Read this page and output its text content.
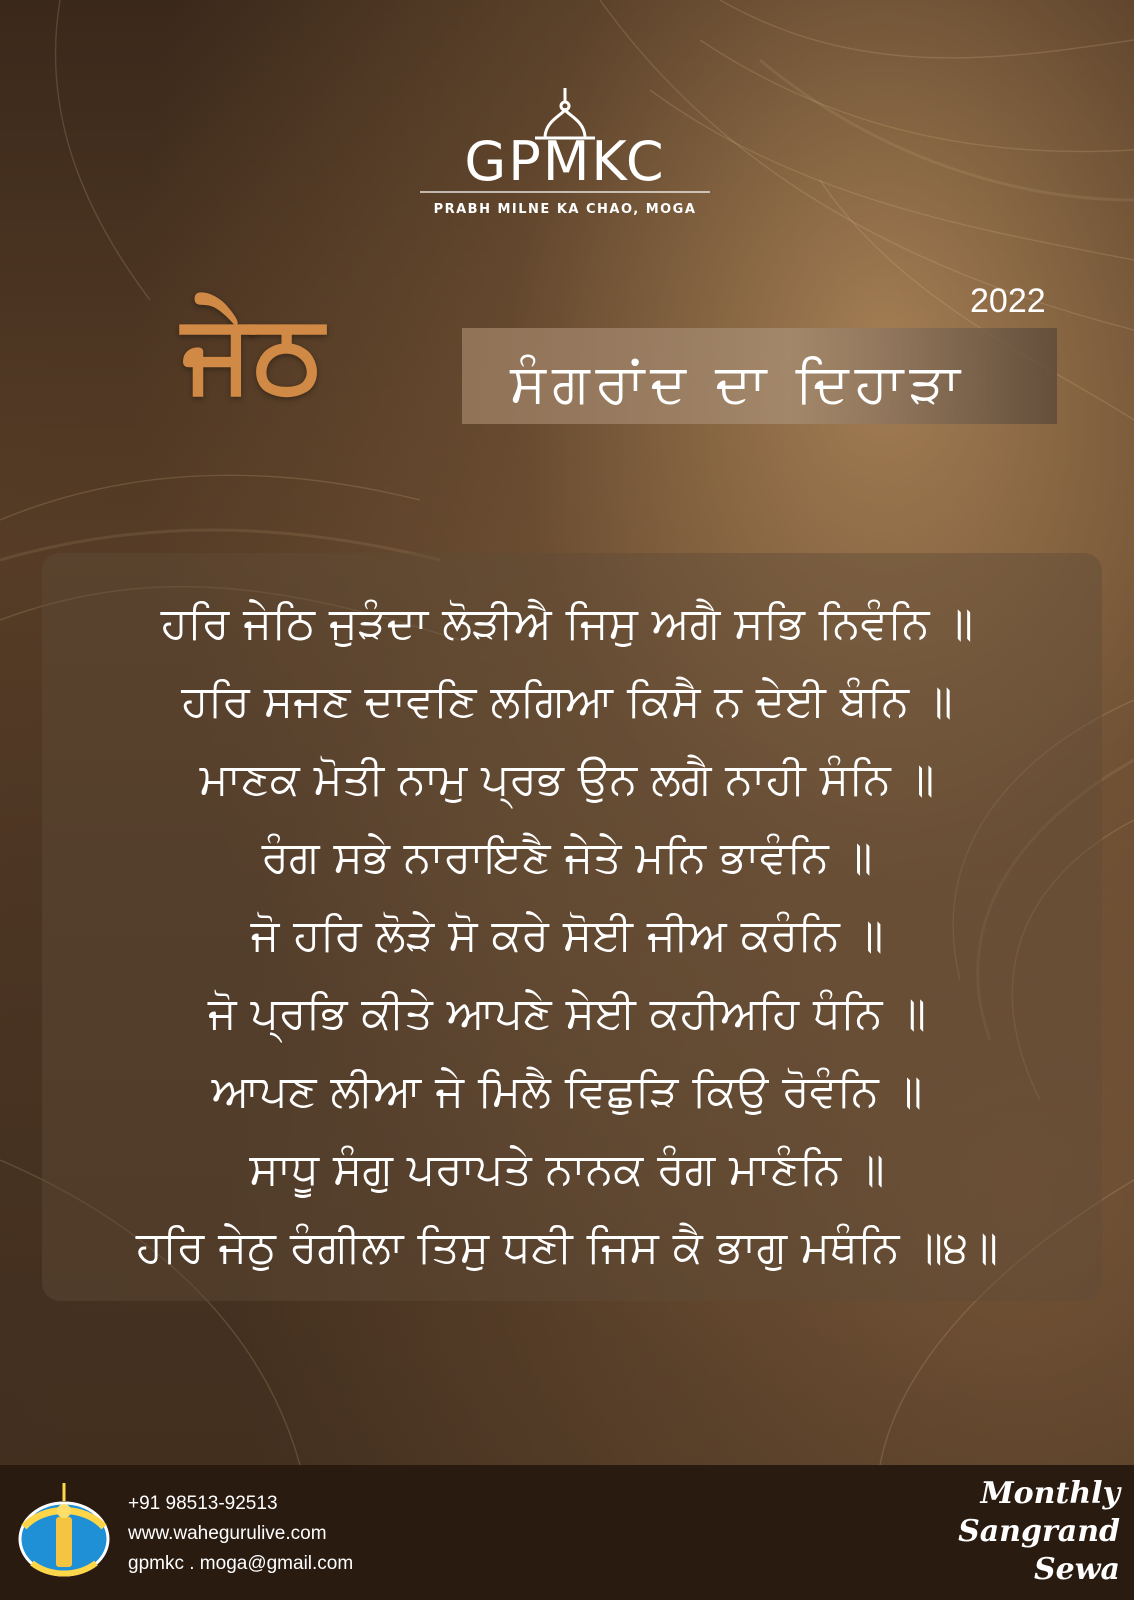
GPMKC
PRABH MILNE KA CHAO, MOGA
2022
ਜੇਠ	ਸੰਗਰਾਂਦ ਦਾ ਦਿਹਾੜਾ
ਹਰਿ ਜੇਠਿ ਜੁੜੰਦਾ ਲੋੜੀਐ ਜਿਸੁ ਅਗੈ ਸਭਿ ਨਿਵੰਨਿ ॥
ਹਰਿ ਸਜਣ ਦਾਵਣਿ ਲਗਿਆ ਕਿਸੈ ਨ ਦੇਈ ਬੰਨਿ ॥
ਮਾਣਕ ਮੋਤੀ ਨਾਮੁ ਪ੍ਰਭ ਉਨ ਲਗੈ ਨਾਹੀ ਸੰਨਿ ॥
ਰੰਗ ਸਭੇ ਨਾਰਾਇਣੈ ਜੇਤੇ ਮਨਿ ਭਾਵੰਨਿ ॥
ਜੋ ਹਰਿ ਲੋੜੇ ਸੋ ਕਰੇ ਸੋਈ ਜੀਅ ਕਰੰਨਿ ॥
ਜੋ ਪ੍ਰਭਿ ਕੀਤੇ ਆਪਣੇ ਸੇਈ ਕਹੀਅਹਿ ਧੰਨਿ ॥
ਆਪਣ ਲੀਆ ਜੇ ਮਿਲੈ ਵਿਛੁੜਿ ਕਿਉ ਰੋਵੰਨਿ ॥
ਸਾਧੂ ਸੰਗੁ ਪਰਾਪਤੇ ਨਾਨਕ ਰੰਗ ਮਾਣੰਨਿ ॥
ਹਰਿ ਜੇਠੁ ਰੰਗੀਲਾ ਤਿਸੁ ਧਣੀ ਜਿਸ ਕੈ ਭਾਗੁ ਮਥੰਨਿ ॥੪॥
+91 98513-92513
www.wahegurulive.com
gpmkc . moga@gmail.com
Monthly
Sangrand
Sewa
